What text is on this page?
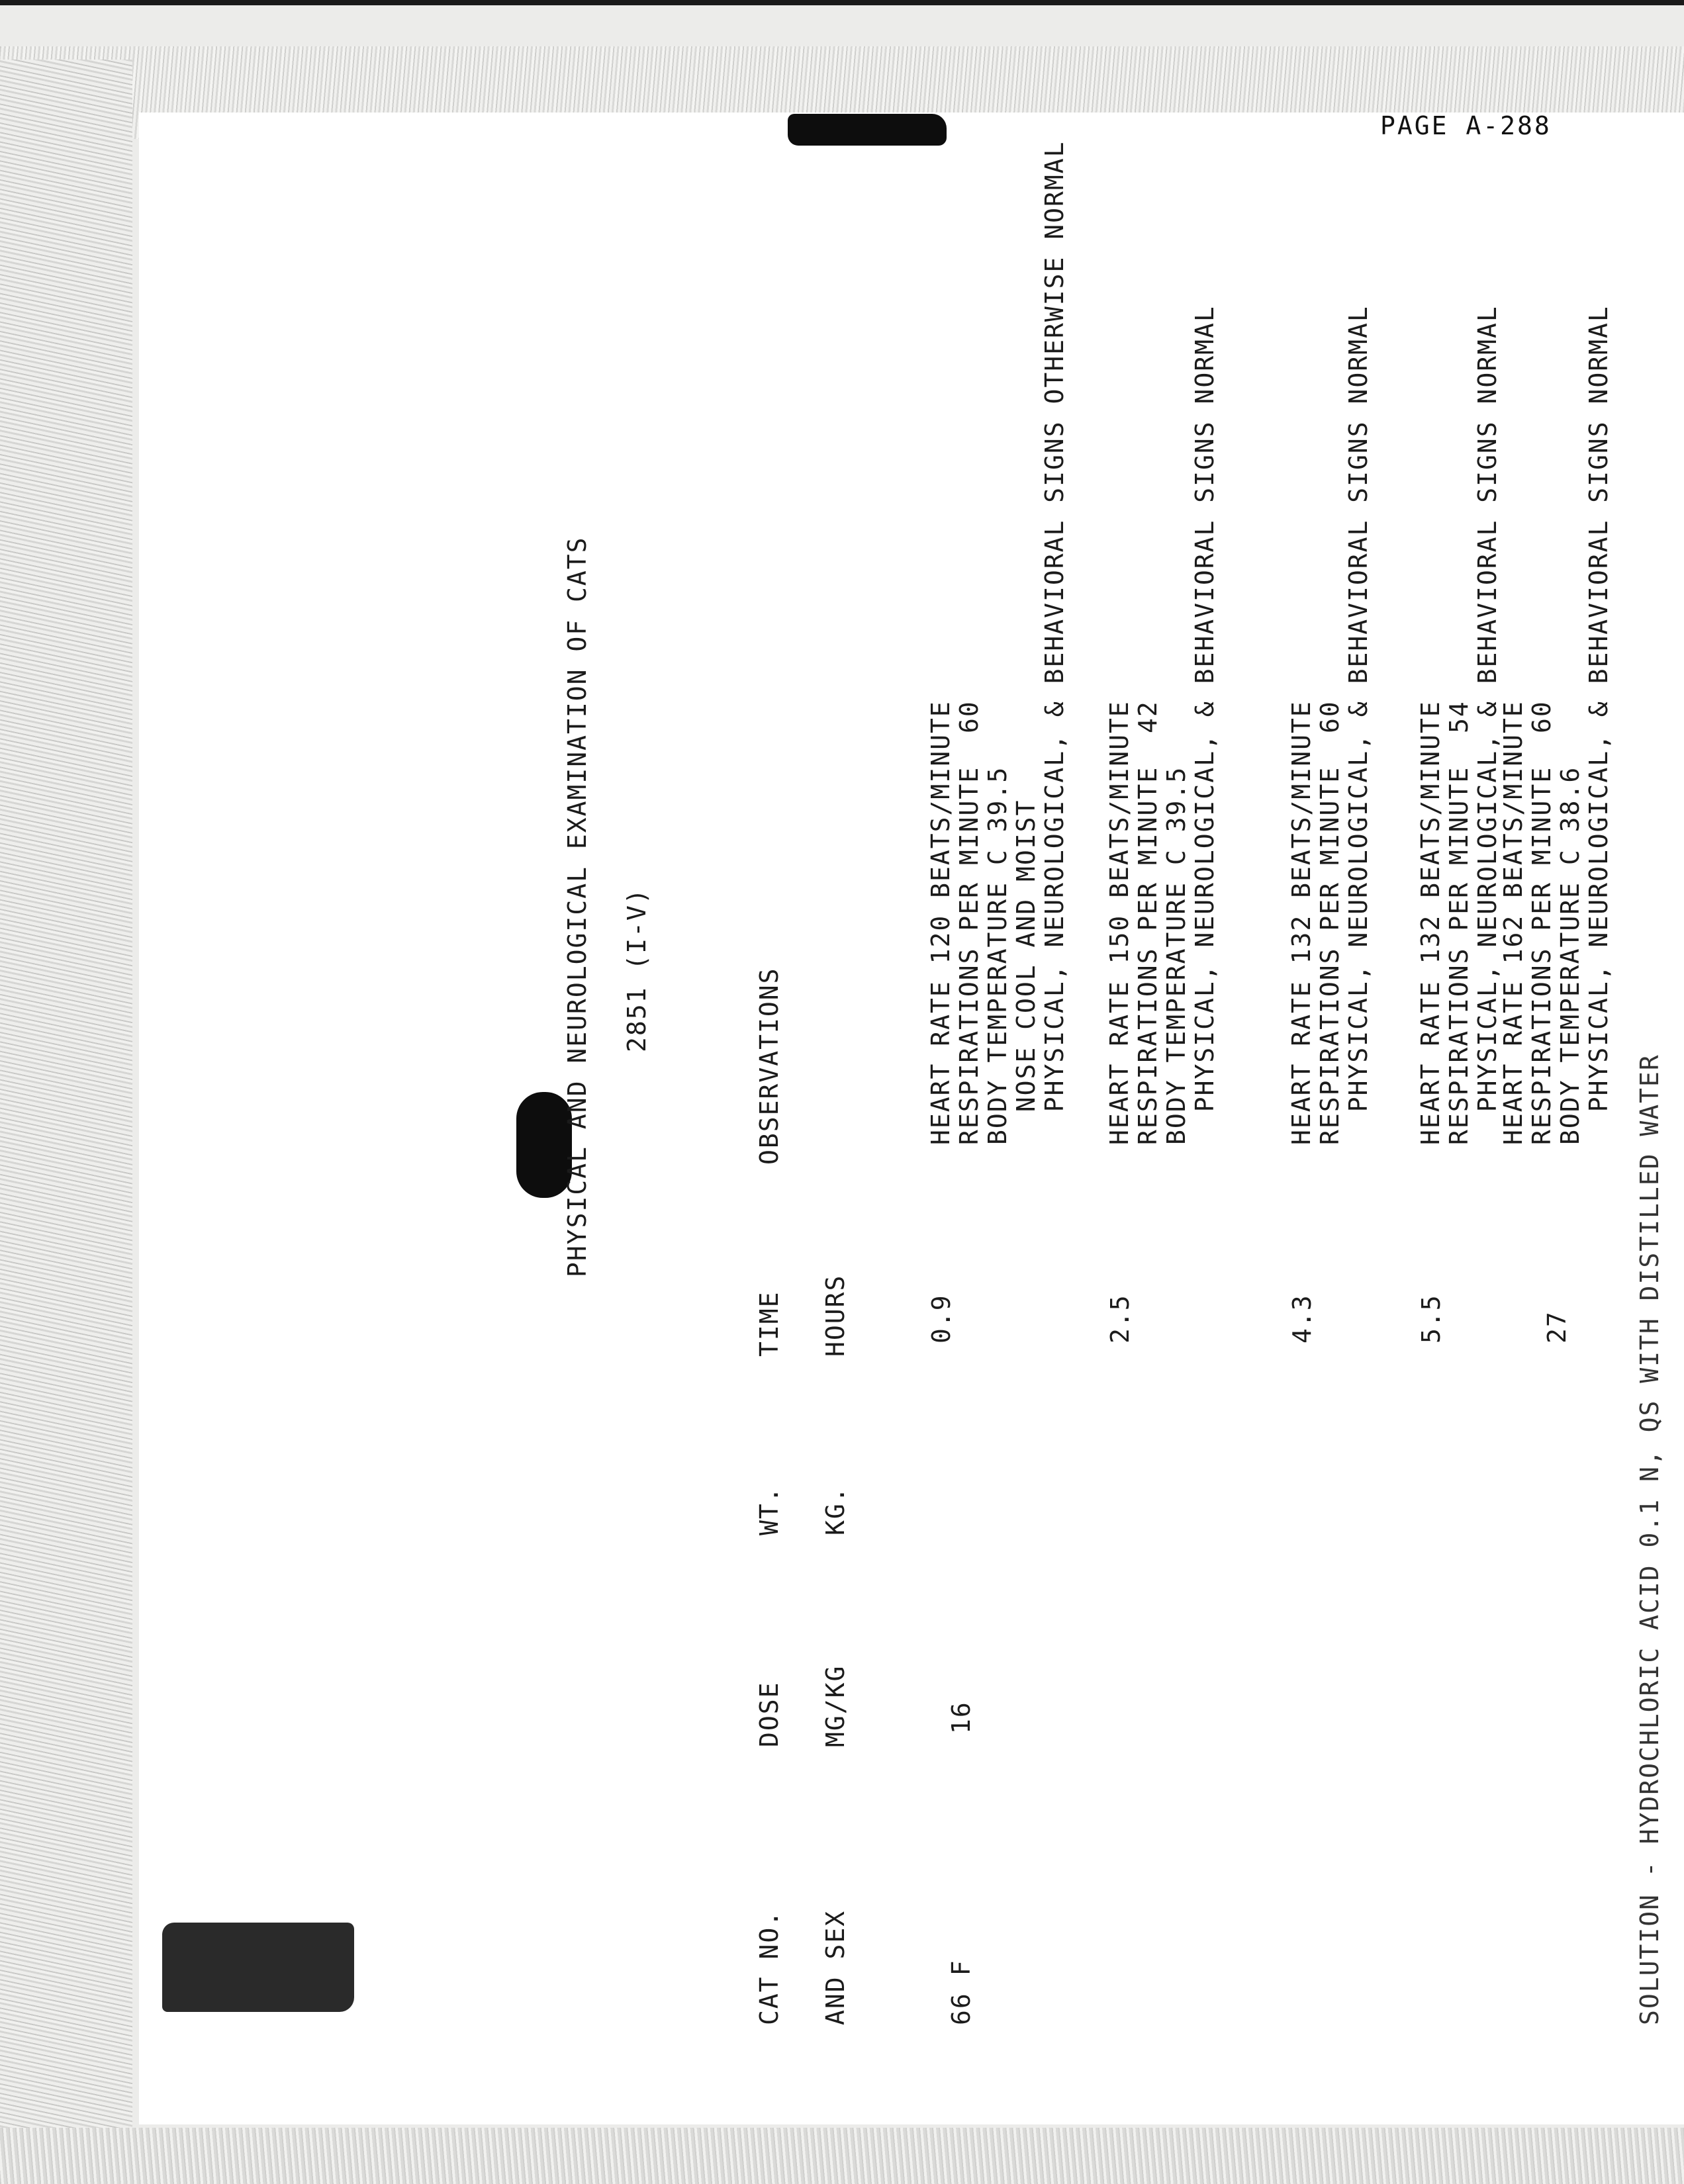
PAGE A-288
PHYSICAL AND NEUROLOGICAL EXAMINATION OF CATS 2851 (I-V)
CAT NO. AND SEX
DOSE MG/KG
WT. KG.
TIME HOURS
OBSERVATIONS
66 F
16
0.9
HEART RATE 120 BEATS/MINUTE RESPIRATIONS PER MINUTE  60 BODY TEMPERATURE C 39.5 NOSE COOL AND MOIST PHYSICAL, NEUROLOGICAL, & BEHAVIORAL SIGNS OTHERWISE NORMAL
2.5
HEART RATE 150 BEATS/MINUTE RESPIRATIONS PER MINUTE  42 BODY TEMPERATURE C 39.5 PHYSICAL, NEUROLOGICAL, & BEHAVIORAL SIGNS NORMAL
4.3
HEART RATE 132 BEATS/MINUTE RESPIRATIONS PER MINUTE  60 PHYSICAL, NEUROLOGICAL, & BEHAVIORAL SIGNS NORMAL
5.5
HEART RATE 132 BEATS/MINUTE RESPIRATIONS PER MINUTE  54 PHYSICAL, NEUROLOGICAL, & BEHAVIORAL SIGNS NORMAL
27
HEART RATE 162 BEATS/MINUTE RESPIRATIONS PER MINUTE  60 BODY TEMPERATURE C 38.6 PHYSICAL, NEUROLOGICAL, & BEHAVIORAL SIGNS NORMAL
SOLUTION - HYDROCHLORIC ACID 0.1 N, QS WITH DISTILLED WATER
